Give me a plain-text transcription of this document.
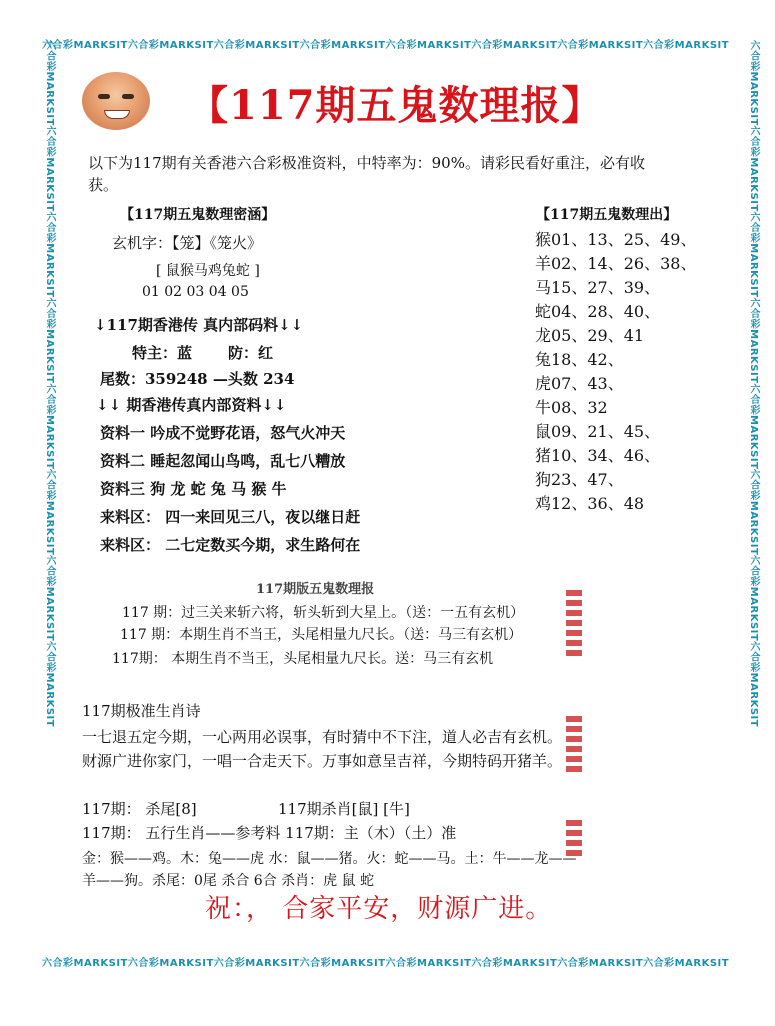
六合彩MARKSIT六合彩MARKSIT六合彩MARKSIT六合彩MARKSIT六合彩MARKSIT六合彩MARKSIT六合彩MARKSIT六合彩MARKSIT
六合彩MARKSIT六合彩MARKSIT六合彩MARKSIT六合彩MARKSIT六合彩MARKSIT六合彩MARKSIT六合彩MARKSIT六合彩MARKSIT
六合彩MARKSIT六合彩MARKSIT六合彩MARKSIT六合彩MARKSIT六合彩MARKSIT六合彩MARKSIT六合彩MARKSIT六合彩MARKSIT	六合彩MARKSIT六合彩MARKSIT六合彩MARKSIT六合彩MARKSIT六合彩MARKSIT六合彩MARKSIT六合彩MARKSIT六合彩MARKSIT
【117期五鬼数理报】
以下为117期有关香港六合彩极准资料，中特率为：90%。请彩民看好重注，必有收
获。
【117期五鬼数理密涵】
玄机字：【笼】《笼火》
[ 鼠猴马鸡兔蛇 ]
01 02 03 04 05
↓117期香港传 真内部码料↓↓
特主：蓝 防：红
尾数：359248 —头数 234
↓↓ 期香港传真内部资料↓↓
资料一 吟成不觉野花语，怒气火冲天
资料二 睡起忽闻山鸟鸣，乱七八糟放
资料三 狗 龙 蛇 兔 马 猴 牛
来料区： 四一来回见三八，夜以继日赶
来料区： 二七定数买今期，求生路何在
【117期五鬼数理出】
猴01、13、25、49、
羊02、14、26、38、
马15、27、39、
蛇04、28、40、
龙05、29、41
兔18、42、
虎07、43、
牛08、32
鼠09、21、45、
猪10、34、46、
狗23、47、
鸡12、36、48
117期版五鬼数理报
117 期：过三关来斩六将，斩头斩到大星上。（送：一五有玄机）
117 期：本期生肖不当王，头尾相量九尺长。（送：马三有玄机）
117期： 本期生肖不当王，头尾相量九尺长。送：马三有玄机
117期极准生肖诗
一七退五定今期，一心两用必误事，有时猜中不下注，道人必吉有玄机。
财源广进你家门，一唱一合走天下。万事如意呈吉祥，今期特码开猪羊。
117期： 杀尾[8]	117期杀肖[鼠] [牛]
117期： 五行生肖——参考料 117期：主（木）（土）准
金：猴——鸡。木：兔——虎 水：鼠——猪。火：蛇——马。土：牛——龙——
羊——狗。杀尾：0尾 杀合 6合 杀肖：虎 鼠 蛇
祝：， 合家平安，财源广进。
